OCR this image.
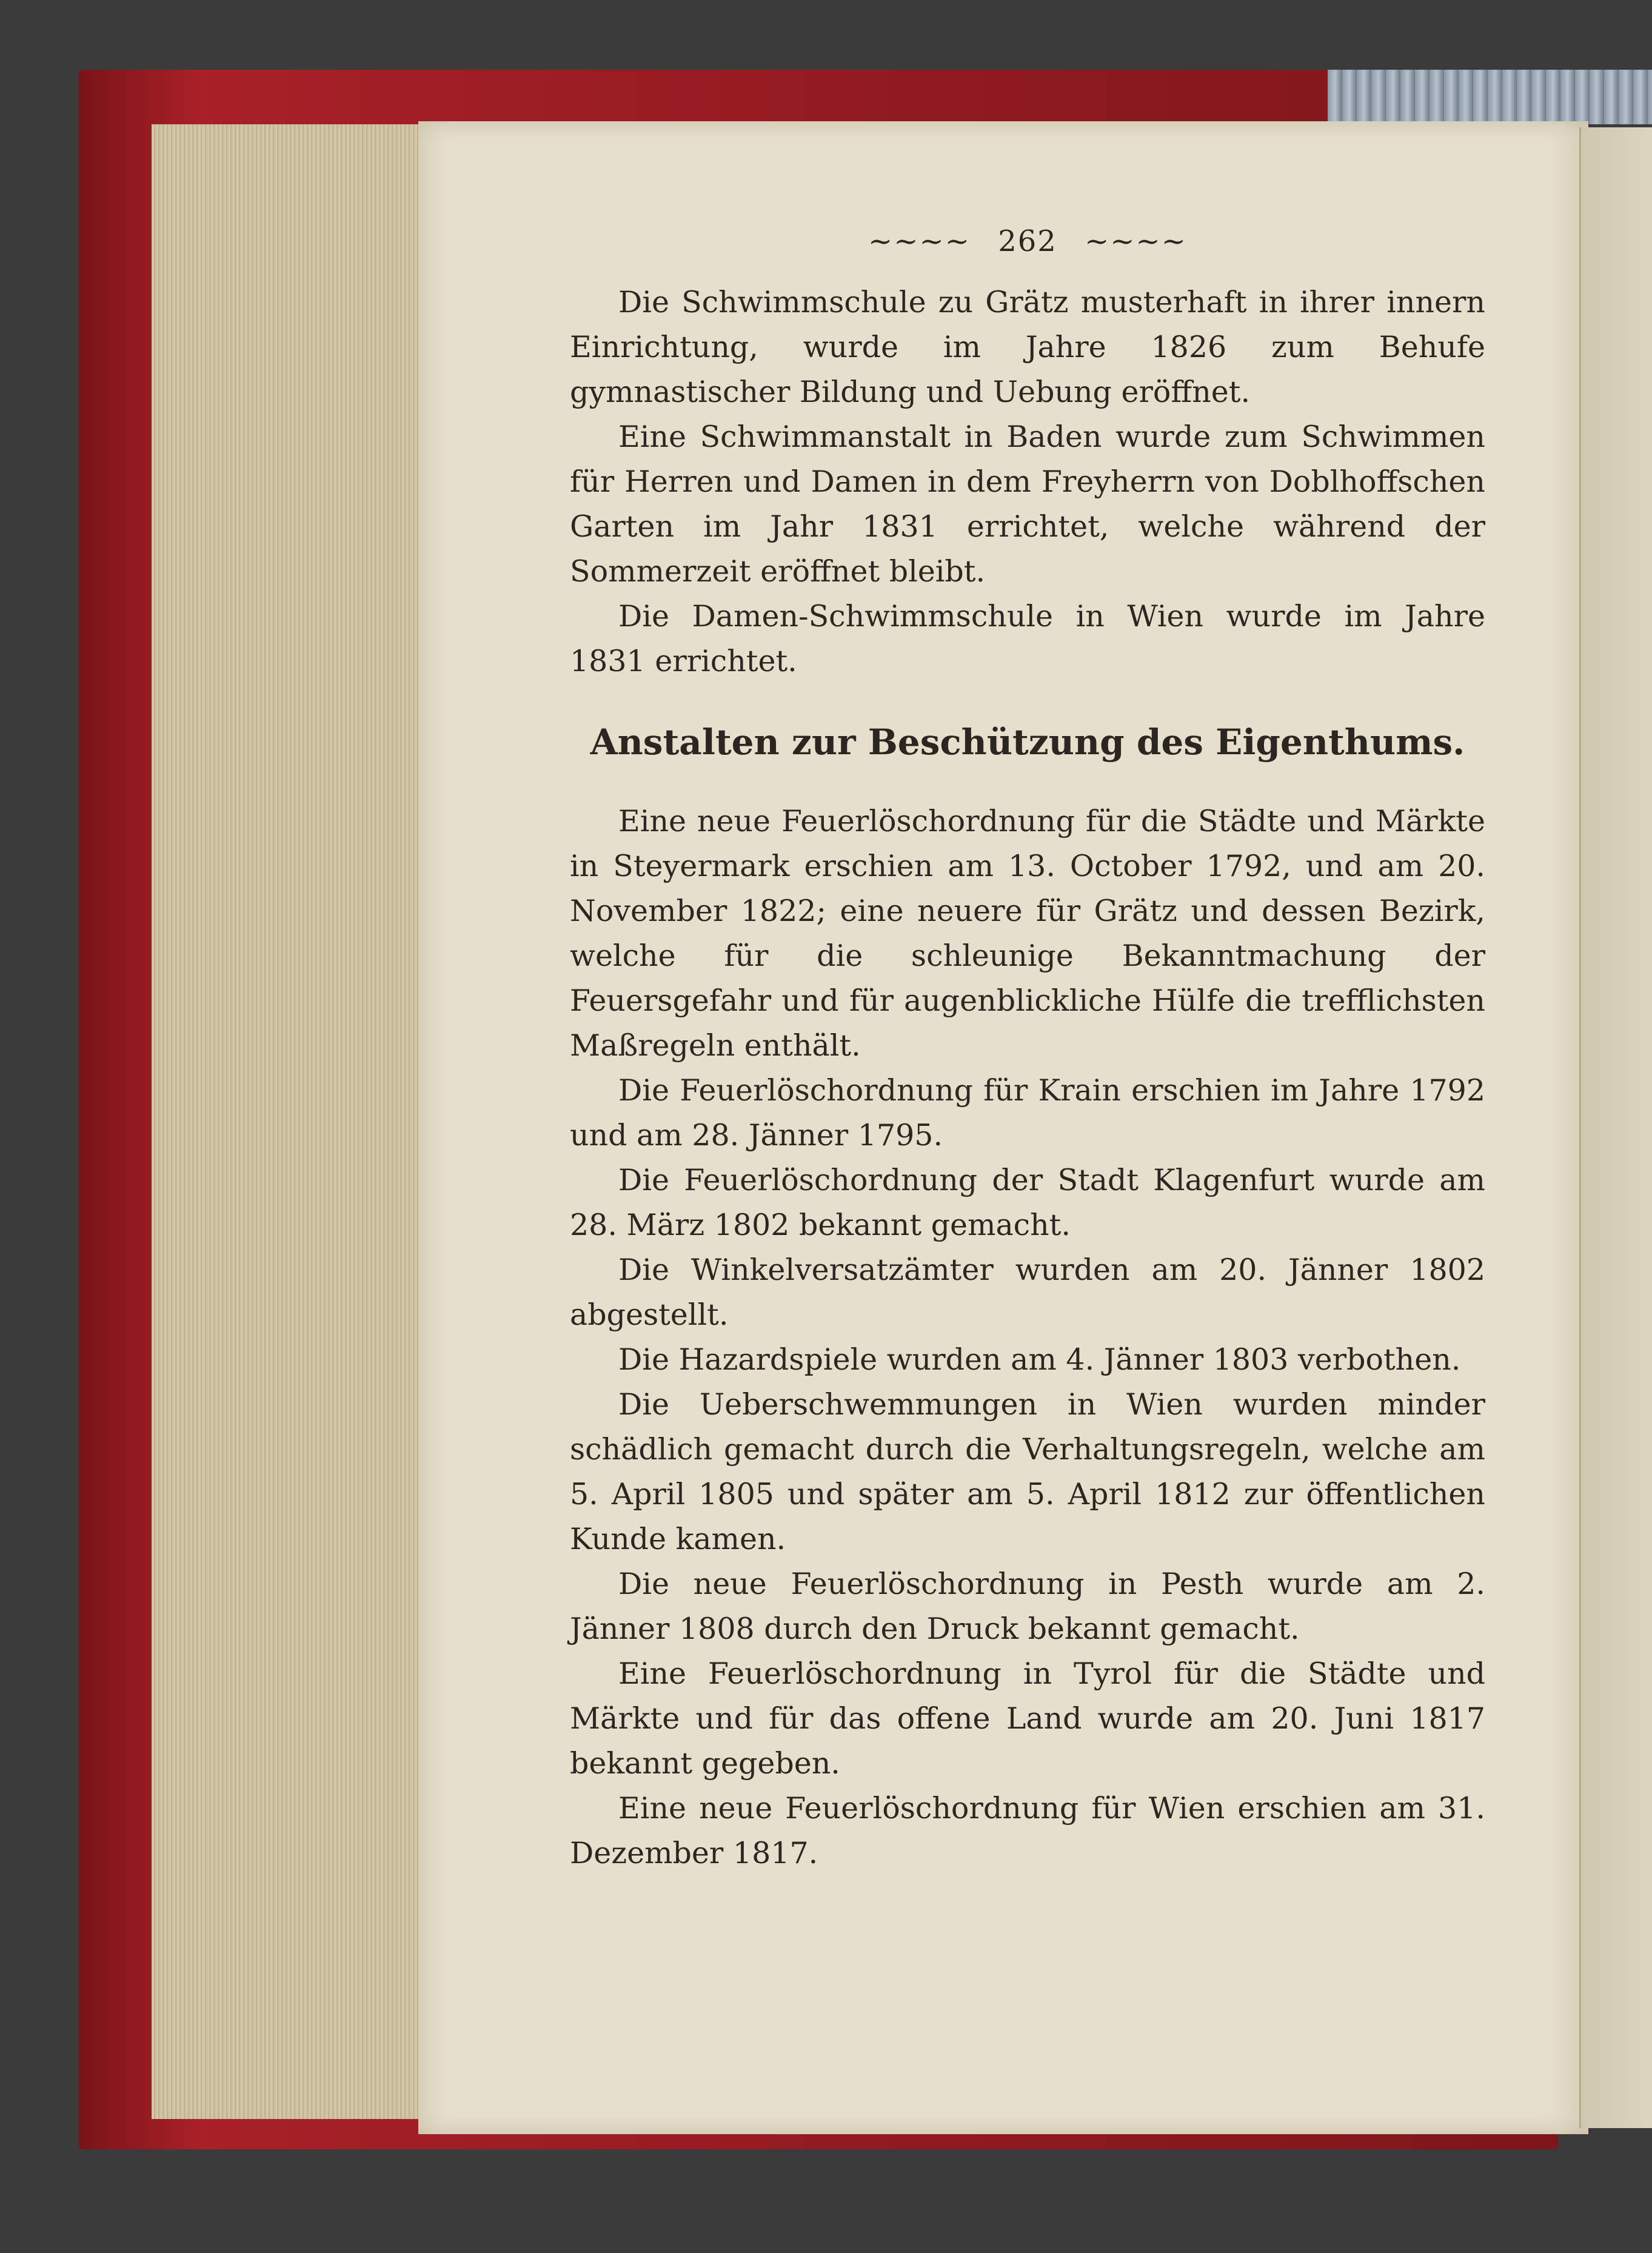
~~~~ 262 ~~~~

Die Schwimmschule zu Grätz musterhaft in ihrer innern Einrichtung, wurde im Jahre 1826 zum Behufe gymnastischer Bildung und Uebung eröffnet.

Eine Schwimmanstalt in Baden wurde zum Schwimmen für Herren und Damen in dem Freyherrn von Doblhoffschen Garten im Jahr 1831 errichtet, welche während der Sommerzeit eröffnet bleibt.

Die Damen-Schwimmschule in Wien wurde im Jahre 1831 errichtet.

Anstalten zur Beschützung des Eigenthums.

Eine neue Feuerlöschordnung für die Städte und Märkte in Steyermark erschien am 13. October 1792, und am 20. November 1822; eine neuere für Grätz und dessen Bezirk, welche für die schleunige Bekanntmachung der Feuersgefahr und für augenblickliche Hülfe die trefflichsten Maßregeln enthält.

Die Feuerlöschordnung für Krain erschien im Jahre 1792 und am 28. Jänner 1795.

Die Feuerlöschordnung der Stadt Klagenfurt wurde am 28. März 1802 bekannt gemacht.

Die Winkelversatzämter wurden am 20. Jänner 1802 abgestellt.

Die Hazardspiele wurden am 4. Jänner 1803 verbothen.

Die Ueberschwemmungen in Wien wurden minder schädlich gemacht durch die Verhaltungsregeln, welche am 5. April 1805 und später am 5. April 1812 zur öffentlichen Kunde kamen.

Die neue Feuerlöschordnung in Pesth wurde am 2. Jänner 1808 durch den Druck bekannt gemacht.

Eine Feuerlöschordnung in Tyrol für die Städte und Märkte und für das offene Land wurde am 20. Juni 1817 bekannt gegeben.

Eine neue Feuerlöschordnung für Wien erschien am 31. Dezember 1817.
